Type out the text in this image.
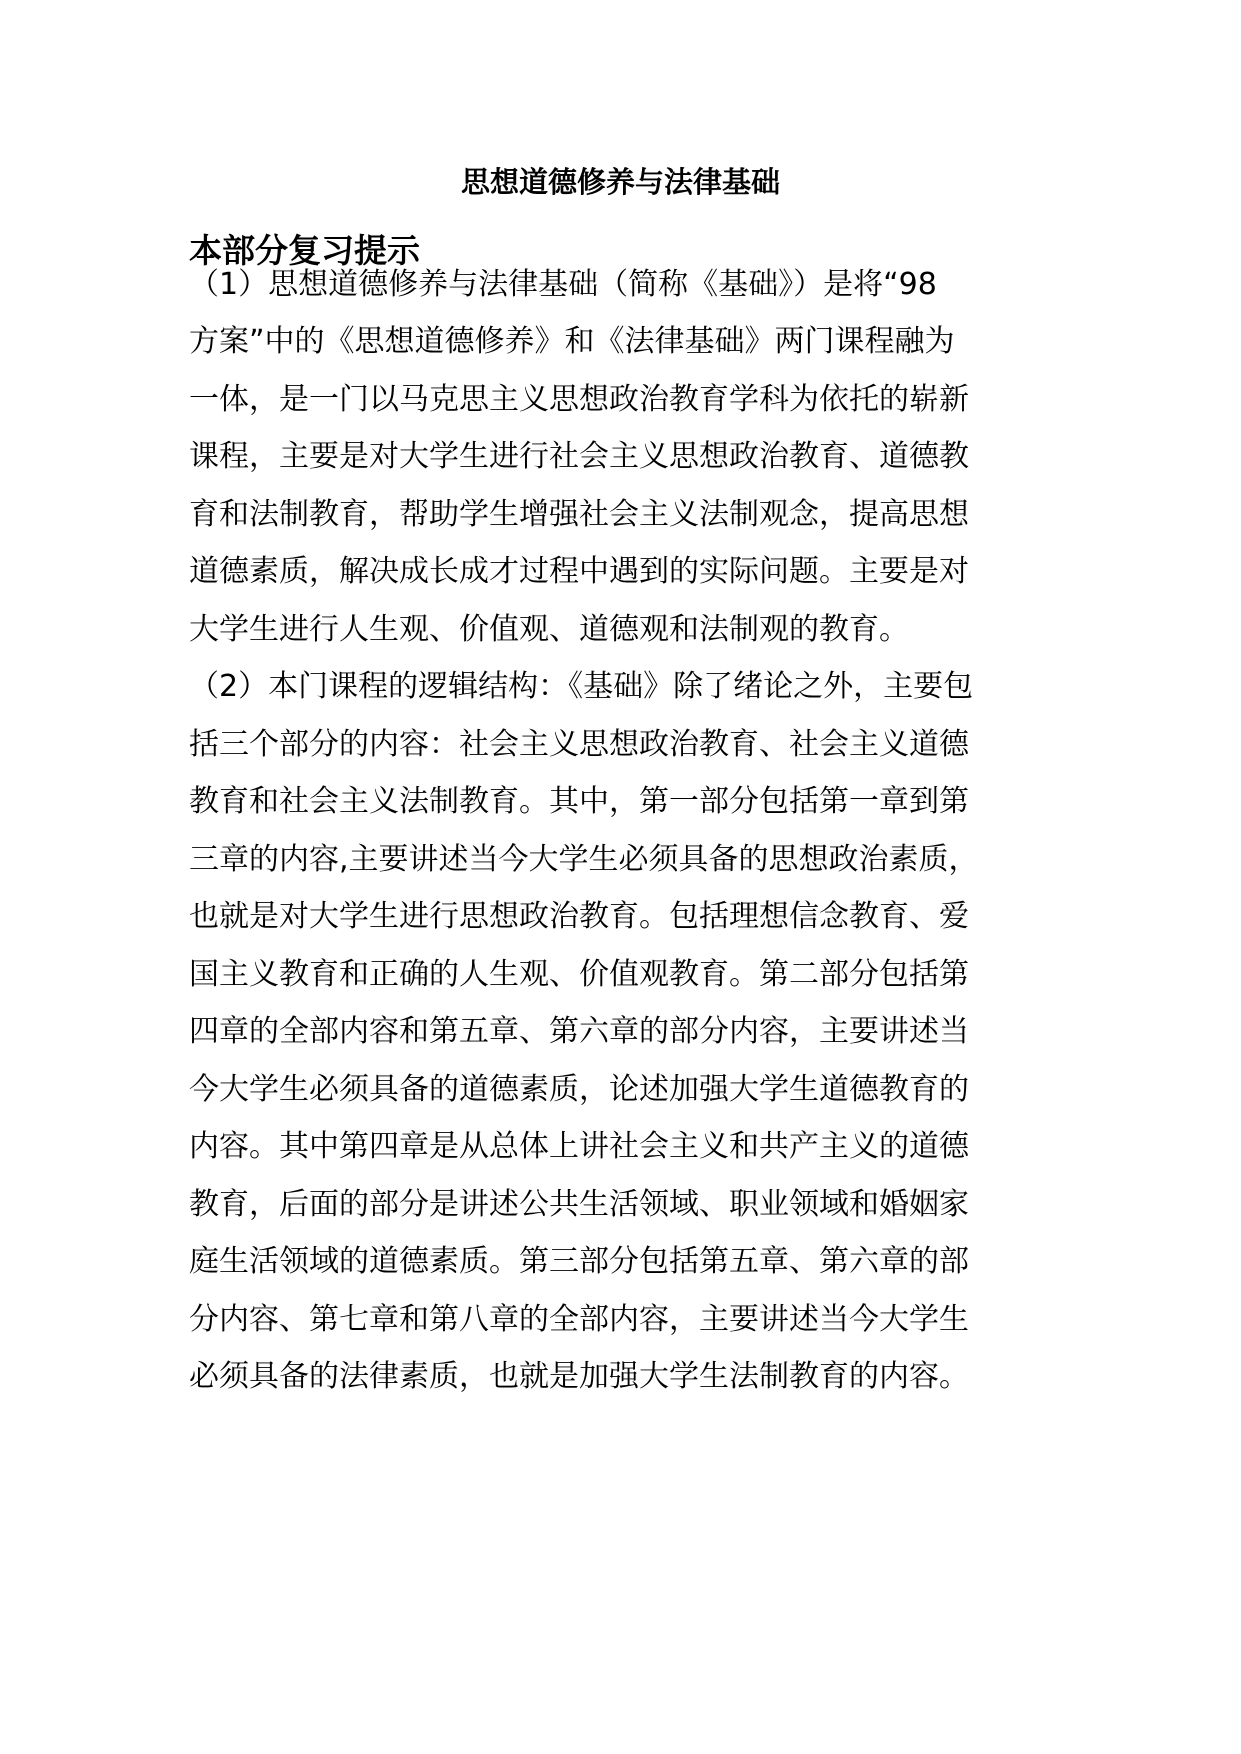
思想道德修养与法律基础
本部分复习提示

（1）思想道德修养与法律基础（简称《基础》）是将“98

方案”中的《思想道德修养》和《法律基础》两门课程融为

一体，是一门以马克思主义思想政治教育学科为依托的崭新

课程，主要是对大学生进行社会主义思想政治教育、道德教

育和法制教育，帮助学生增强社会主义法制观念，提高思想

道德素质，解决成长成才过程中遇到的实际问题。主要是对

大学生进行人生观、价值观、道德观和法制观的教育。

（2）本门课程的逻辑结构：《基础》除了绪论之外，主要包

括三个部分的内容：社会主义思想政治教育、社会主义道德

教育和社会主义法制教育。其中，第一部分包括第一章到第

三章的内容,主要讲述当今大学生必须具备的思想政治素质，

也就是对大学生进行思想政治教育。包括理想信念教育、爱

国主义教育和正确的人生观、价值观教育。第二部分包括第

四章的全部内容和第五章、第六章的部分内容，主要讲述当

今大学生必须具备的道德素质，论述加强大学生道德教育的

内容。其中第四章是从总体上讲社会主义和共产主义的道德

教育，后面的部分是讲述公共生活领域、职业领域和婚姻家

庭生活领域的道德素质。第三部分包括第五章、第六章的部

分内容、第七章和第八章的全部内容，主要讲述当今大学生

必须具备的法律素质，也就是加强大学生法制教育的内容。
